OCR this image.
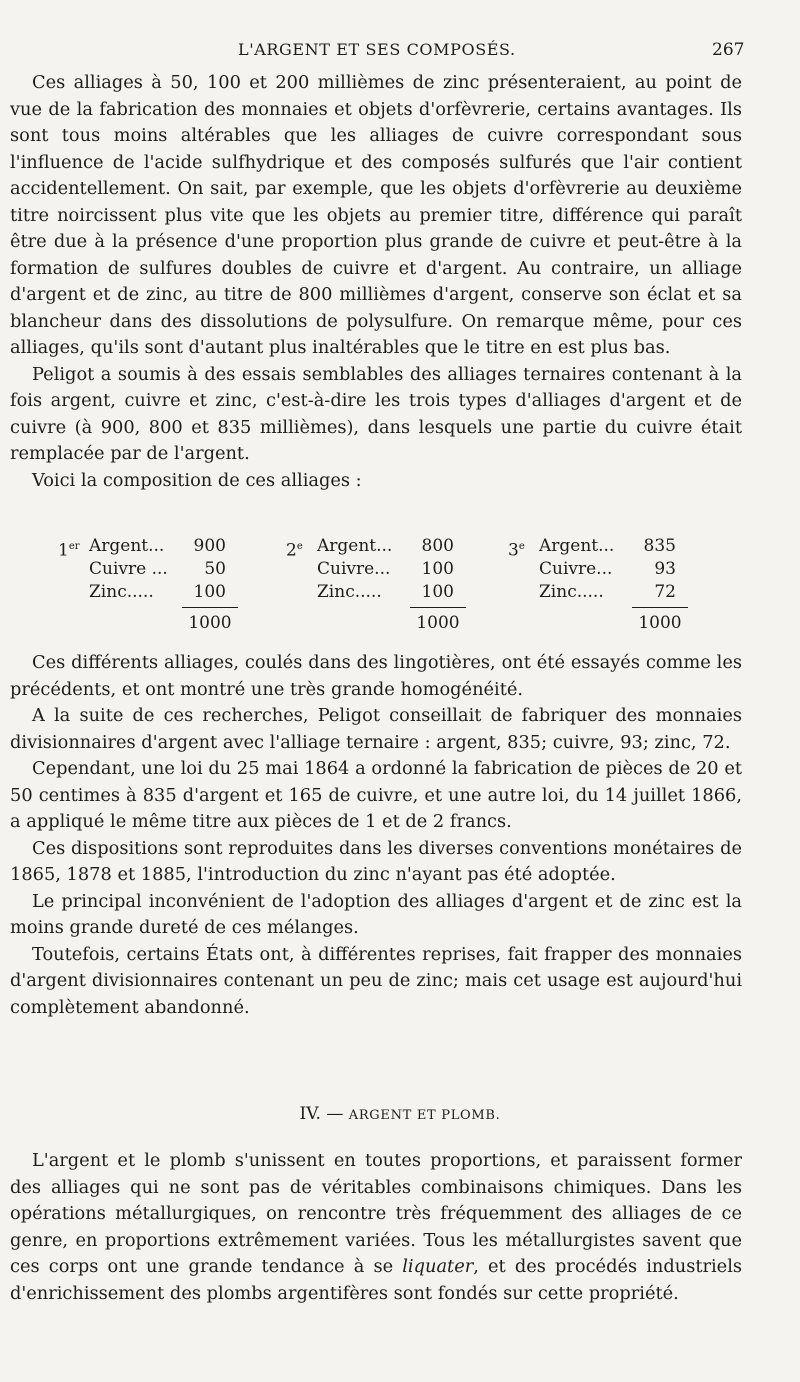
L'ARGENT ET SES COMPOSÉS.	267

Ces alliages à 50, 100 et 200 millièmes de zinc présenteraient, au point de vue de la fabrication des monnaies et objets d'orfèvrerie, certains avantages. Ils sont tous moins altérables que les alliages de cuivre correspondant sous l'influence de l'acide sulfhydrique et des composés sulfurés que l'air contient accidentellement. On sait, par exemple, que les objets d'orfèvrerie au deuxième titre noircissent plus vite que les objets au premier titre, différence qui paraît être due à la présence d'une proportion plus grande de cuivre et peut-être à la formation de sulfures doubles de cuivre et d'argent. Au contraire, un alliage d'argent et de zinc, au titre de 800 millièmes d'argent, conserve son éclat et sa blancheur dans des dissolutions de polysulfure. On remarque même, pour ces alliages, qu'ils sont d'autant plus inaltérables que le titre en est plus bas.

Peligot a soumis à des essais semblables des alliages ternaires contenant à la fois argent, cuivre et zinc, c'est-à-dire les trois types d'alliages d'argent et de cuivre (à 900, 800 et 835 millièmes), dans lesquels une partie du cuivre était remplacée par de l'argent.

Voici la composition de ces alliages :

1er Argent... 900
Cuivre ... 50
Zinc..... 100
1000
2e Argent... 800
Cuivre... 100
Zinc..... 100
1000
3e Argent... 835
Cuivre... 93
Zinc.....	72
1000

Ces différents alliages, coulés dans des lingotières, ont été essayés comme les précédents, et ont montré une très grande homogénéité.

A la suite de ces recherches, Peligot conseillait de fabriquer des monnaies divisionnaires d'argent avec l'alliage ternaire : argent, 835; cuivre, 93; zinc, 72.

Cependant, une loi du 25 mai 1864 a ordonné la fabrication de pièces de 20 et 50 centimes à 835 d'argent et 165 de cuivre, et une autre loi, du 14 juillet 1866, a appliqué le même titre aux pièces de 1 et de 2 francs.

Ces dispositions sont reproduites dans les diverses conventions monétaires de 1865, 1878 et 1885, l'introduction du zinc n'ayant pas été adoptée.

Le principal inconvénient de l'adoption des alliages d'argent et de zinc est la moins grande dureté de ces mélanges.

Toutefois, certains États ont, à différentes reprises, fait frapper des monnaies d'argent divisionnaires contenant un peu de zinc; mais cet usage est aujourd'hui complètement abandonné.

IV. — ARGENT ET PLOMB.

L'argent et le plomb s'unissent en toutes proportions, et paraissent former des alliages qui ne sont pas de véritables combinaisons chimiques. Dans les opérations métallurgiques, on rencontre très fréquemment des alliages de ce genre, en proportions extrêmement variées. Tous les métallurgistes savent que ces corps ont une grande tendance à se liquater, et des procédés industriels d'enrichissement des plombs argentifères sont fondés sur cette propriété.
